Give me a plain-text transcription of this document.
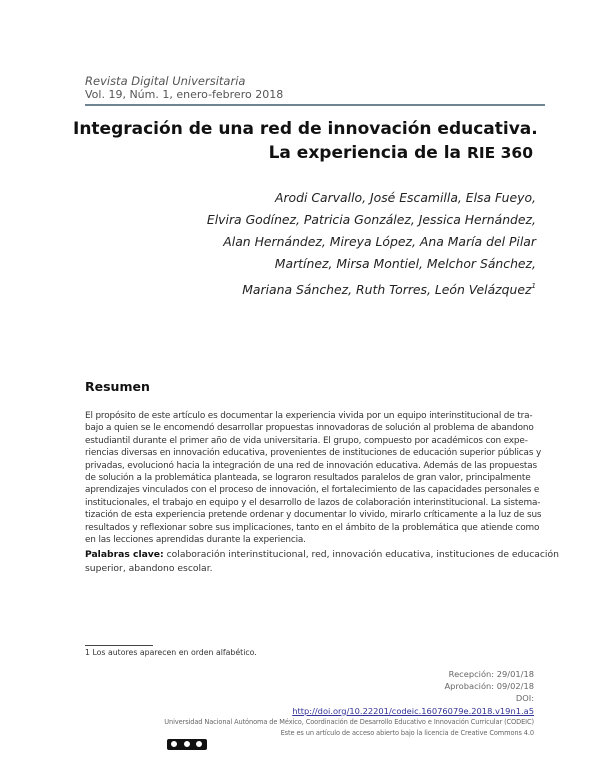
Revista Digital Universitaria
Vol. 19, Núm. 1, enero-febrero 2018
Integración de una red de innovación educativa.
La experiencia de la RIE 360
Arodi Carvallo, José Escamilla, Elsa Fueyo,
Elvira Godínez, Patricia González, Jessica Hernández,
Alan Hernández, Mireya López, Ana María del Pilar
Martínez, Mirsa Montiel, Melchor Sánchez,
Mariana Sánchez, Ruth Torres, León Velázquez$^1$
Resumen
El propósito de este artículo es documentar la experiencia vivida por un equipo interinstitucional de tra-
bajo a quien se le encomendó desarrollar propuestas innovadoras de solución al problema de abandono
estudiantil durante el primer año de vida universitaria. El grupo, compuesto por académicos con expe-
riencias diversas en innovación educativa, provenientes de instituciones de educación superior públicas y
privadas, evolucionó hacia la integración de una red de innovación educativa. Además de las propuestas
de solución a la problemática planteada, se lograron resultados paralelos de gran valor, principalmente
aprendizajes vinculados con el proceso de innovación, el fortalecimiento de las capacidades personales e
institucionales, el trabajo en equipo y el desarrollo de lazos de colaboración interinstitucional. La sistema-
tización de esta experiencia pretende ordenar y documentar lo vivido, mirarlo críticamente a la luz de sus
resultados y reflexionar sobre sus implicaciones, tanto en el ámbito de la problemática que atiende como
en las lecciones aprendidas durante la experiencia.
Palabras clave: colaboración interinstitucional, red, innovación educativa, instituciones de educación
superior, abandono escolar.
1 Los autores aparecen en orden alfabético.
Recepción: 29/01/18
Aprobación: 09/02/18
DOI:
http://doi.org/10.22201/codeic.16076079e.2018.v19n1.a5
Universidad Nacional Autónoma de México, Coordinación de Desarrollo Educativo e Innovación Curricular (CODEIC)
Este es un artículo de acceso abierto bajo la licencia de Creative Commons 4.0
